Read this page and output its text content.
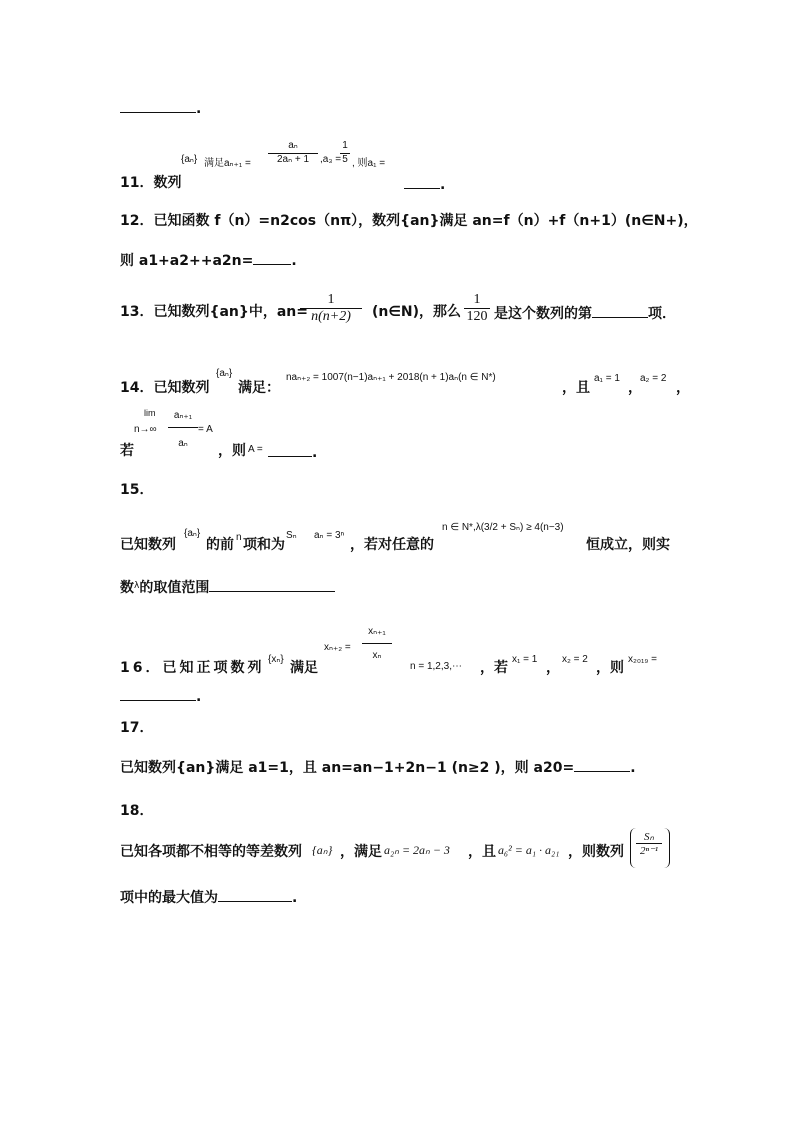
.
11．数列
{aₙ} 满足$a_{n+1} = \frac{\text{aₙ}}{\text{2aₙ + 1}} ,a_3$ =
$\frac{1}{5}$ , 则a₁ =
.
12．已知函数 f（n）=n2cos（nπ），数列{an}满足 an=f（n）+f（n+1）(n∈N+)，
则 a1+a2++a2n=	.
13．已知数列{an}中，an=
$\frac{1}{n(n+2)}$ (n∈N)，那么 $\frac{1}{120}$ 是这个数列的第	项．
14．已知数列
{aₙ}
满足：
naₙ₊₂ = 1007(n−1)aₙ₊₁ + 2018(n + 1)aₙ(n ∈ N*)
，且
a₁ = 1
，
a₂ = 2
，
若
lim
$n\to\infty \frac{\text{aₙ₊₁}}{\text{aₙ}} = A$
，则 A =	.
15．
已知数列
{aₙ}
的前 n 项和为
Sₙ aₙ = 3ⁿ
，若对任意的
n ∈ N*,λ(3/2 + Sₙ) ≥ 4(n−3)
恒成立，则实
数$^\lambda$的取值范围
16．已知正项数列
{xₙ}
满足
$x_{n+2} = \frac{\text{xₙ₊₁}}{\text{xₙ}}$
n = 1,2,3,⋯ ，若
x₁ = 1
，
x₂ = 2
，则
x₂₀₁₉ =
.
17．
已知数列{an}满足 a1=1，且 an=an−1+2n−1 (n≥2 )，则 a20=	.
18．
已知各项都不相等的等差数列 {aₙ} ，满足 a₂ₙ = 2aₙ − 3 ，且 a₆² = a₁ · a₂₁ ，则数列 $\frac{\text{Sₙ}}{\text{2ⁿ⁻¹}}$
项中的最大值为	.
